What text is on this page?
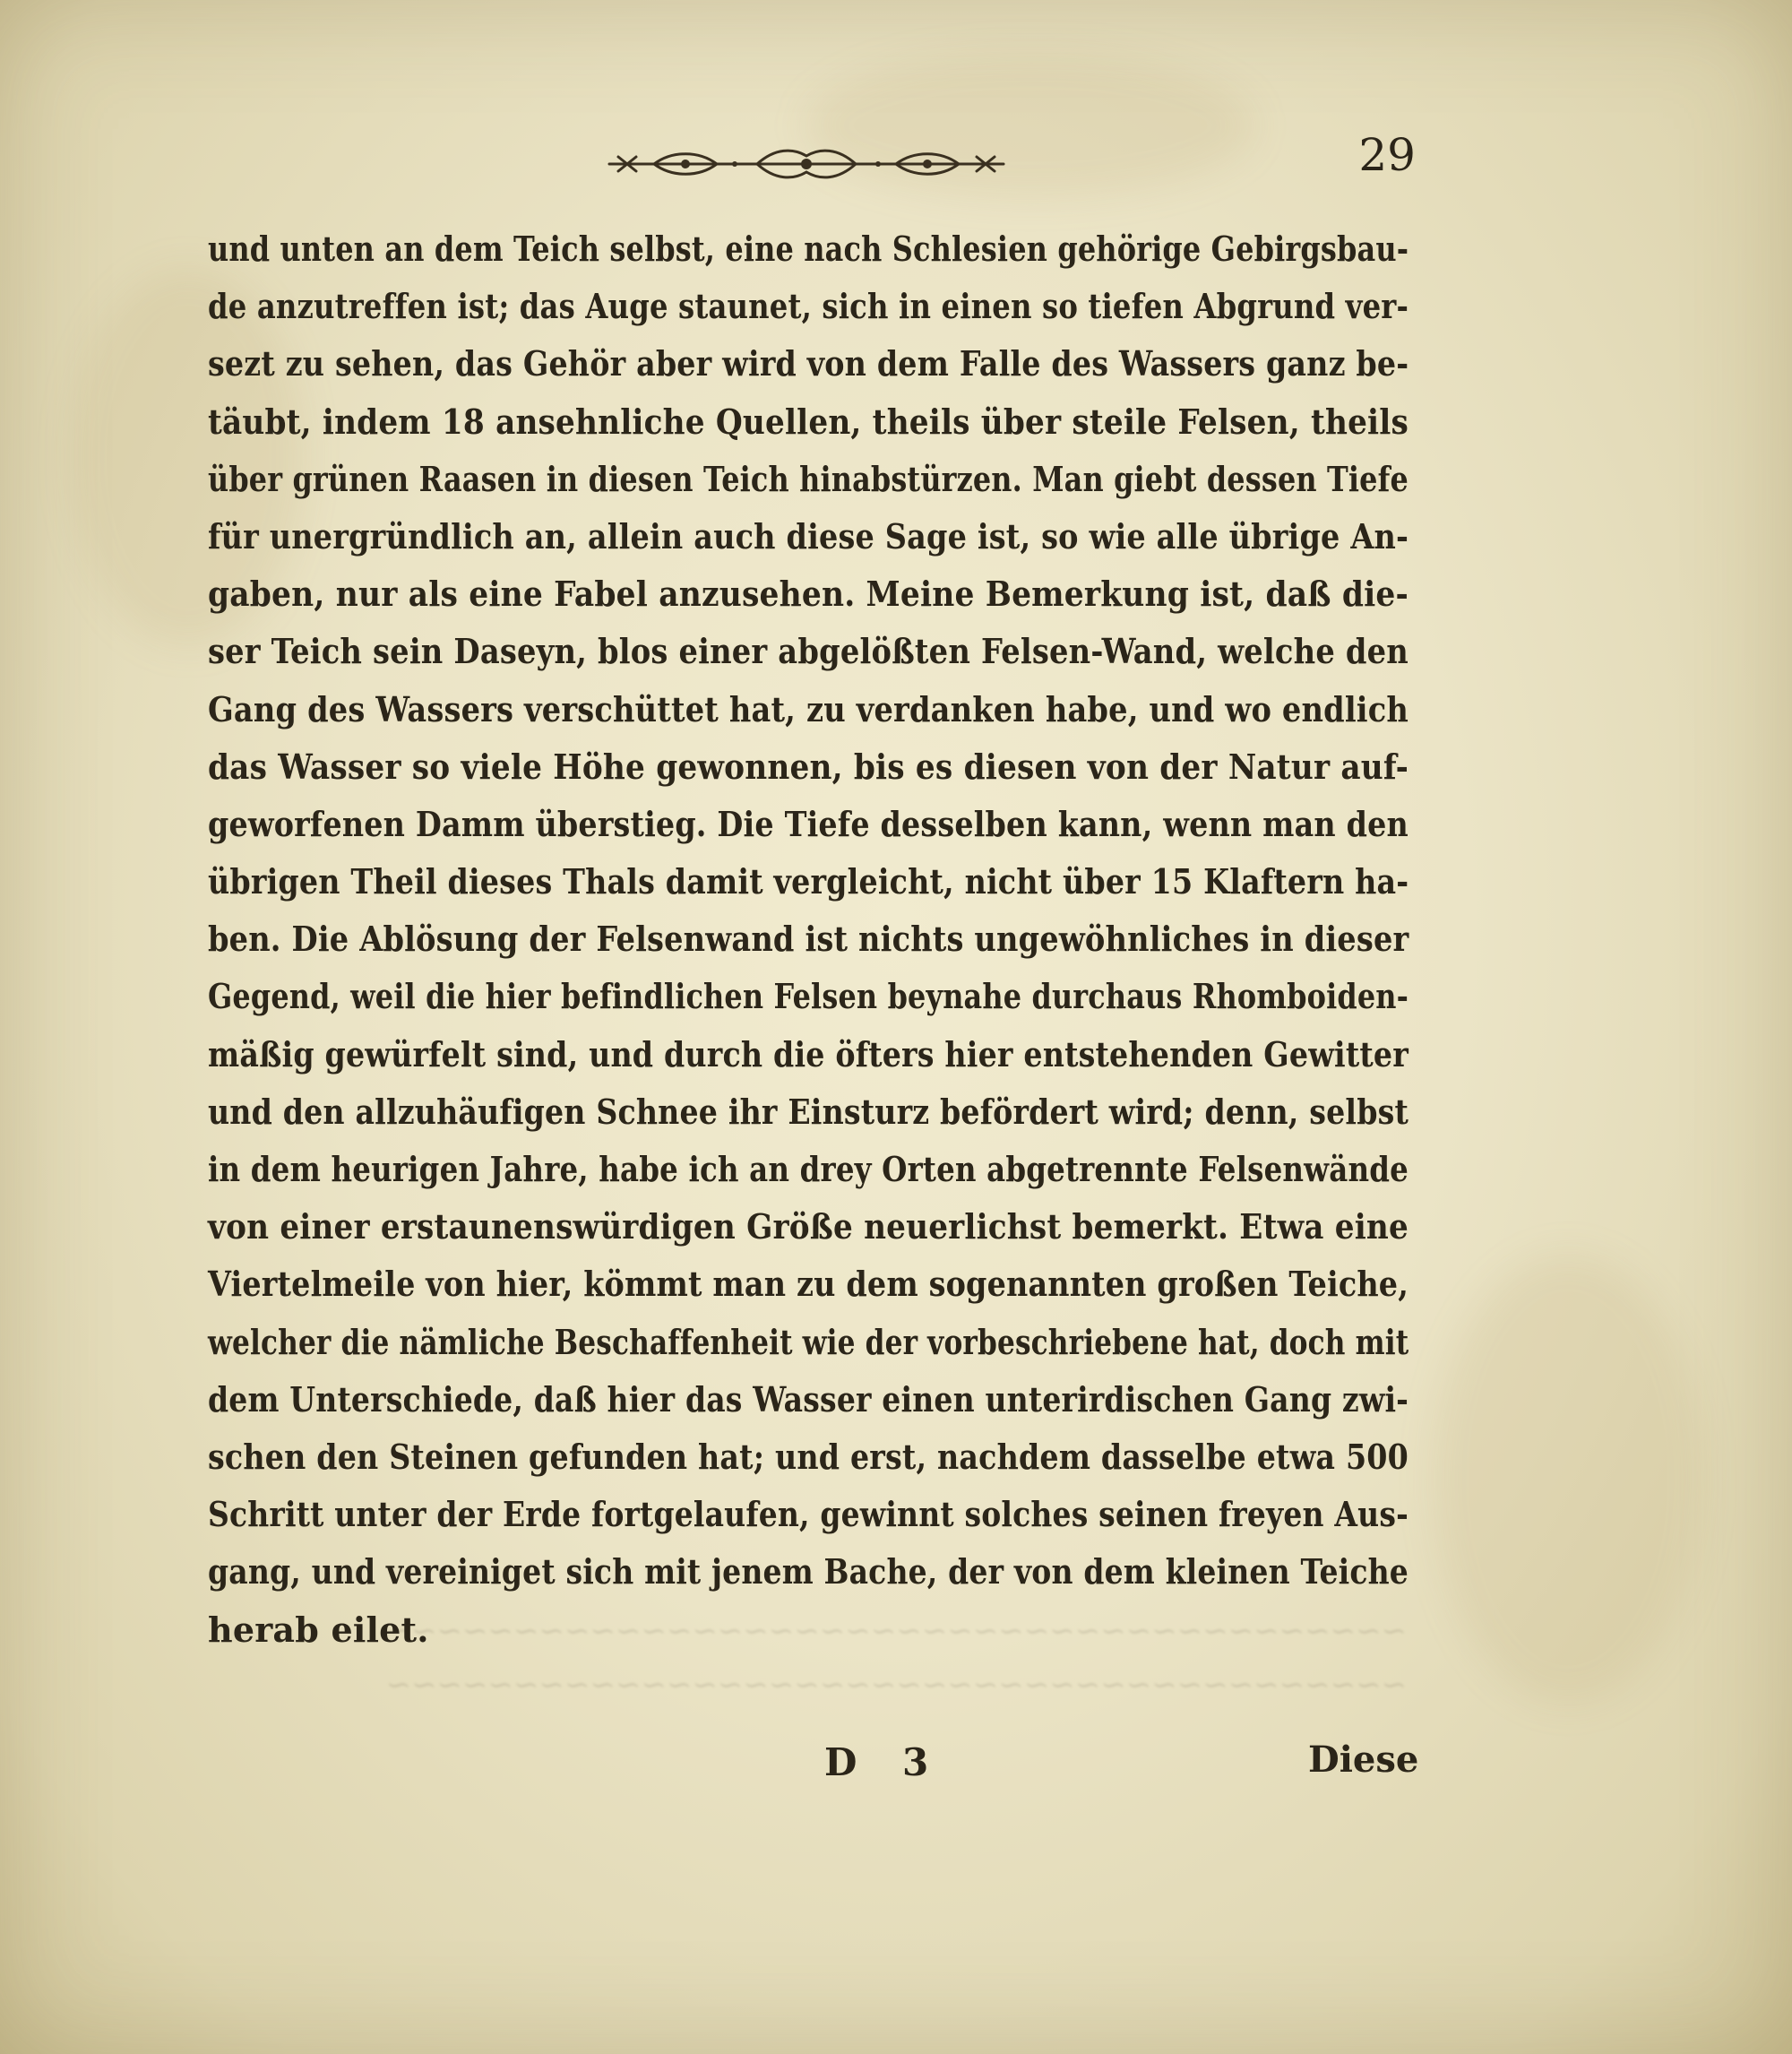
29
~~~~~~~~~~~~~~~~~~~~~~~~~~~~~~~~~~~~~~~~
~~~~~~~~~~~~~~~~~~~~~~~~~~~~~~~~~~~~~~~~
und unten an dem Teich selbst, eine nach Schlesien gehörige Gebirgsbau-
de anzutreffen ist; das Auge staunet, sich in einen so tiefen Abgrund ver-
sezt zu sehen, das Gehör aber wird von dem Falle des Wassers ganz be-
täubt, indem 18 ansehnliche Quellen, theils über steile Felsen, theils
über grünen Raasen in diesen Teich hinabstürzen. Man giebt dessen Tiefe
für unergründlich an, allein auch diese Sage ist, so wie alle übrige An-
gaben, nur als eine Fabel anzusehen. Meine Bemerkung ist, daß die-
ser Teich sein Daseyn, blos einer abgelößten Felsen-Wand, welche den
Gang des Wassers verschüttet hat, zu verdanken habe, und wo endlich
das Wasser so viele Höhe gewonnen, bis es diesen von der Natur auf-
geworfenen Damm überstieg. Die Tiefe desselben kann, wenn man den
übrigen Theil dieses Thals damit vergleicht, nicht über 15 Klaftern ha-
ben. Die Ablösung der Felsenwand ist nichts ungewöhnliches in dieser
Gegend, weil die hier befindlichen Felsen beynahe durchaus Rhomboiden-
mäßig gewürfelt sind, und durch die öfters hier entstehenden Gewitter
und den allzuhäufigen Schnee ihr Einsturz befördert wird; denn, selbst
in dem heurigen Jahre, habe ich an drey Orten abgetrennte Felsenwände
von einer erstaunenswürdigen Größe neuerlichst bemerkt. Etwa eine
Viertelmeile von hier, kömmt man zu dem sogenannten großen Teiche,
welcher die nämliche Beschaffenheit wie der vorbeschriebene hat, doch mit
dem Unterschiede, daß hier das Wasser einen unterirdischen Gang zwi-
schen den Steinen gefunden hat; und erst, nachdem dasselbe etwa 500
Schritt unter der Erde fortgelaufen, gewinnt solches seinen freyen Aus-
gang, und vereiniget sich mit jenem Bache, der von dem kleinen Teiche
herab eilet.
D 3	Diese
